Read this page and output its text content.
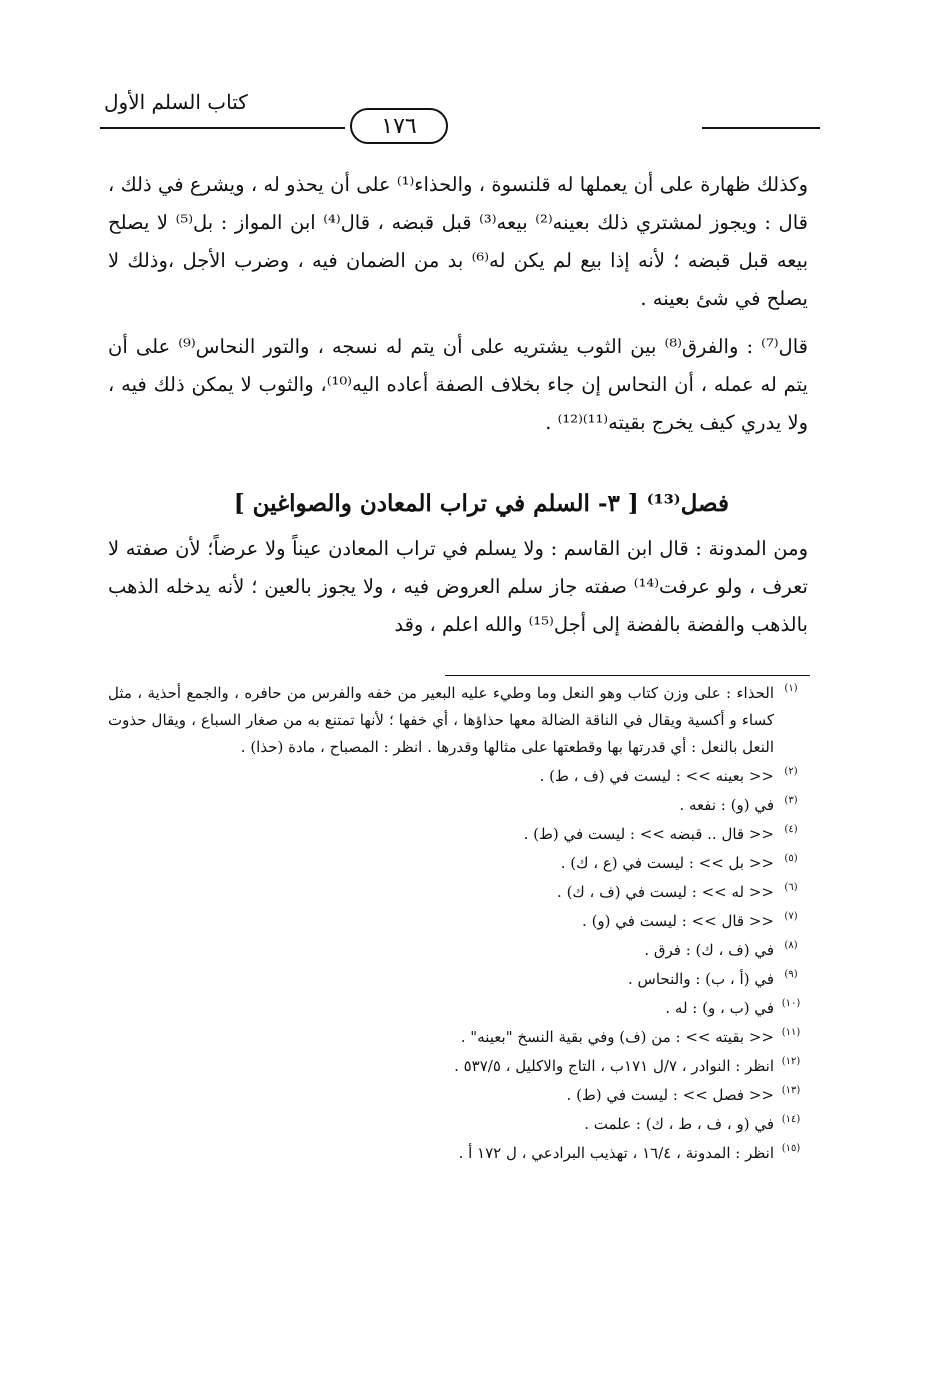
كتاب السلم الأول
١٧٦
وكذلك ظهارة على أن يعملها له قلنسوة ، والحذاء⁽¹⁾ على أن يحذو له ، ويشرع في ذلك ، قال : ويجوز لمشتري ذلك بعينه⁽²⁾ بيعه⁽³⁾ قبل قبضه ، قال⁽⁴⁾ ابن المواز : بل⁽⁵⁾ لا يصلح بيعه قبل قبضه ؛ لأنه إذا بيع لم يكن له⁽⁶⁾ بد من الضمان فيه ، وضرب الأجل ،وذلك لا يصلح في شئ بعينه .
قال⁽⁷⁾ : والفرق⁽⁸⁾ بين الثوب يشتريه على أن يتم له نسجه ، والتور النحاس⁽⁹⁾ على أن يتم له عمله ، أن النحاس إن جاء بخلاف الصفة أعاده اليه⁽¹⁰⁾، والثوب لا يمكن ذلك فيه ، ولا يدري كيف يخرج بقيته⁽¹¹⁾⁽¹²⁾ .
فصل⁽¹³⁾ [ ٣- السلم في تراب المعادن والصواغين ]
ومن المدونة : قال ابن القاسم : ولا يسلم في تراب المعادن عيناً ولا عرضاً؛ لأن صفته لا تعرف ، ولو عرفت⁽¹⁴⁾ صفته جاز سلم العروض فيه ، ولا يجوز بالعين ؛ لأنه يدخله الذهب بالذهب والفضة بالفضة إلى أجل⁽¹⁵⁾ والله اعلم ، وقد
(١)
الحذاء : على وزن كتاب وهو النعل وما وطيء عليه البعير من خفه والفرس من حافره ، والجمع أحذية ، مثل كساء و أكسية ويقال في الناقة الضالة معها حذاؤها ، أي خفها ؛ لأنها تمتنع به من صغار السباع ، ويقال حذوت النعل بالنعل : أي قدرتها بها وقطعتها على مثالها وقدرها . انظر : المصباح ، مادة (حذا) .
(٢)
<< بعينه >> : ليست في (ف ، ط) .
(٣)
في (و) : نفعه .
(٤)
<< قال .. قبضه >> : ليست في (ط) .
(٥)
<< بل >> : ليست في (ع ، ك) .
(٦)
<< له >> : ليست في (ف ، ك) .
(٧)
<< قال >> : ليست في (و) .
(٨)
في (ف ، ك) : فرق .
(٩)
في (أ ، ب) : والنحاس .
(١٠)
في (ب ، و) : له .
(١١)
<< بقيته >> : من (ف) وفي بقية النسخ "بعينه" .
(١٢)
انظر : النوادر ، ٧/ل ١٧١ب ، التاج والاكليل ، ٥٣٧/٥ .
(١٣)
<< فصل >> : ليست في (ط) .
(١٤)
في (و ، ف ، ط ، ك) : علمت .
(١٥)
انظر : المدونة ، ١٦/٤ ، تهذيب البرادعي ، ل ١٧٢ أ .
